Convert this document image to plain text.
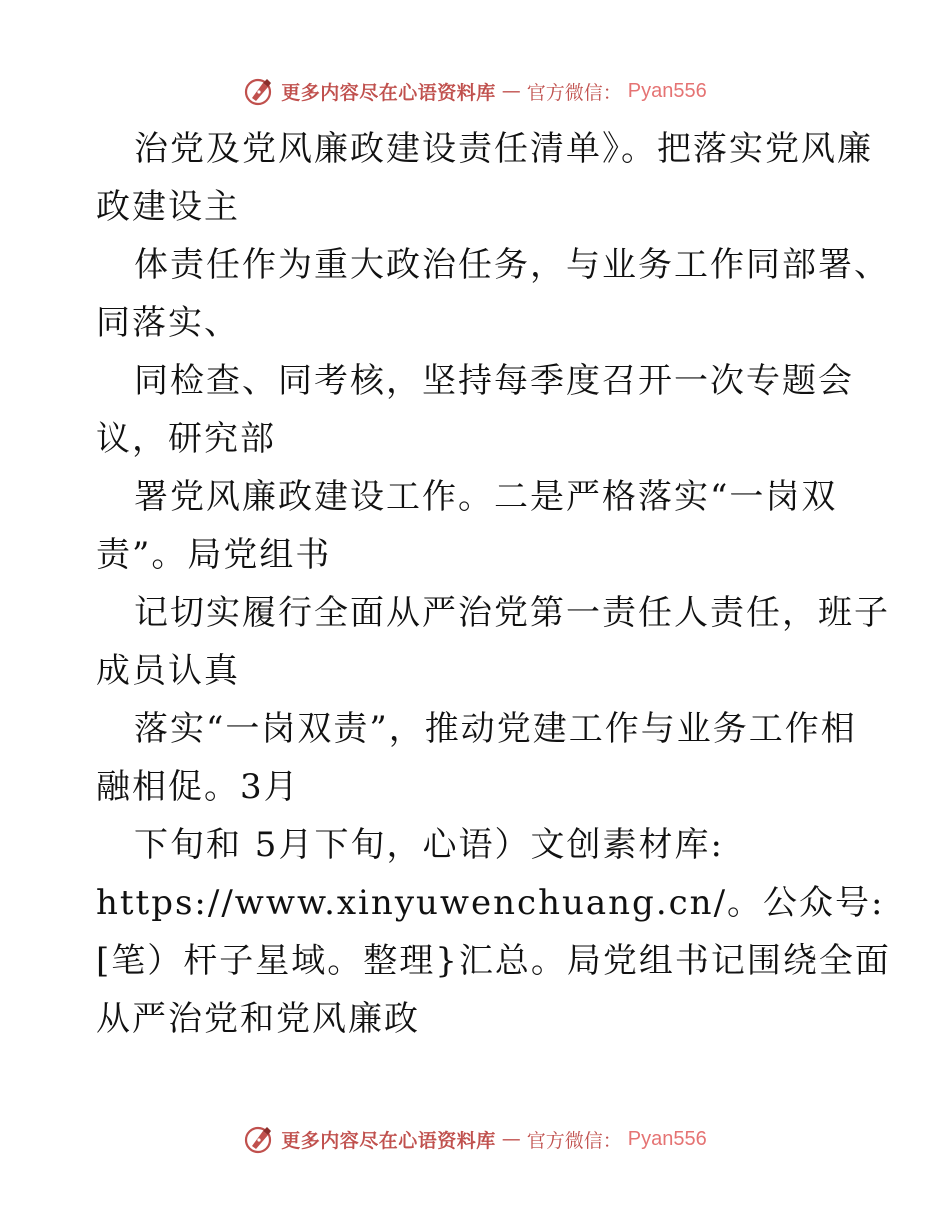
更多内容尽在心语资料库 — 官方微信： Pyan556
治党及党风廉政建设责任清单》。把落实党风廉
政建设主
体责任作为重大政治任务，与业务工作同部署、
同落实、
同检查、同考核，坚持每季度召开一次专题会
议，研究部
署党风廉政建设工作。二是严格落实“一岗双
责”。局党组书
记切实履行全面从严治党第一责任人责任，班子
成员认真
落实“一岗双责”，推动党建工作与业务工作相
融相促。3月
下旬和 5月下旬，心语）文创素材库:
https://www.xinyuwenchuang.cn/。公众号:
[笔）杆子星域。整理}汇总。局党组书记围绕全面
从严治党和党风廉政
更多内容尽在心语资料库 — 官方微信： Pyan556
